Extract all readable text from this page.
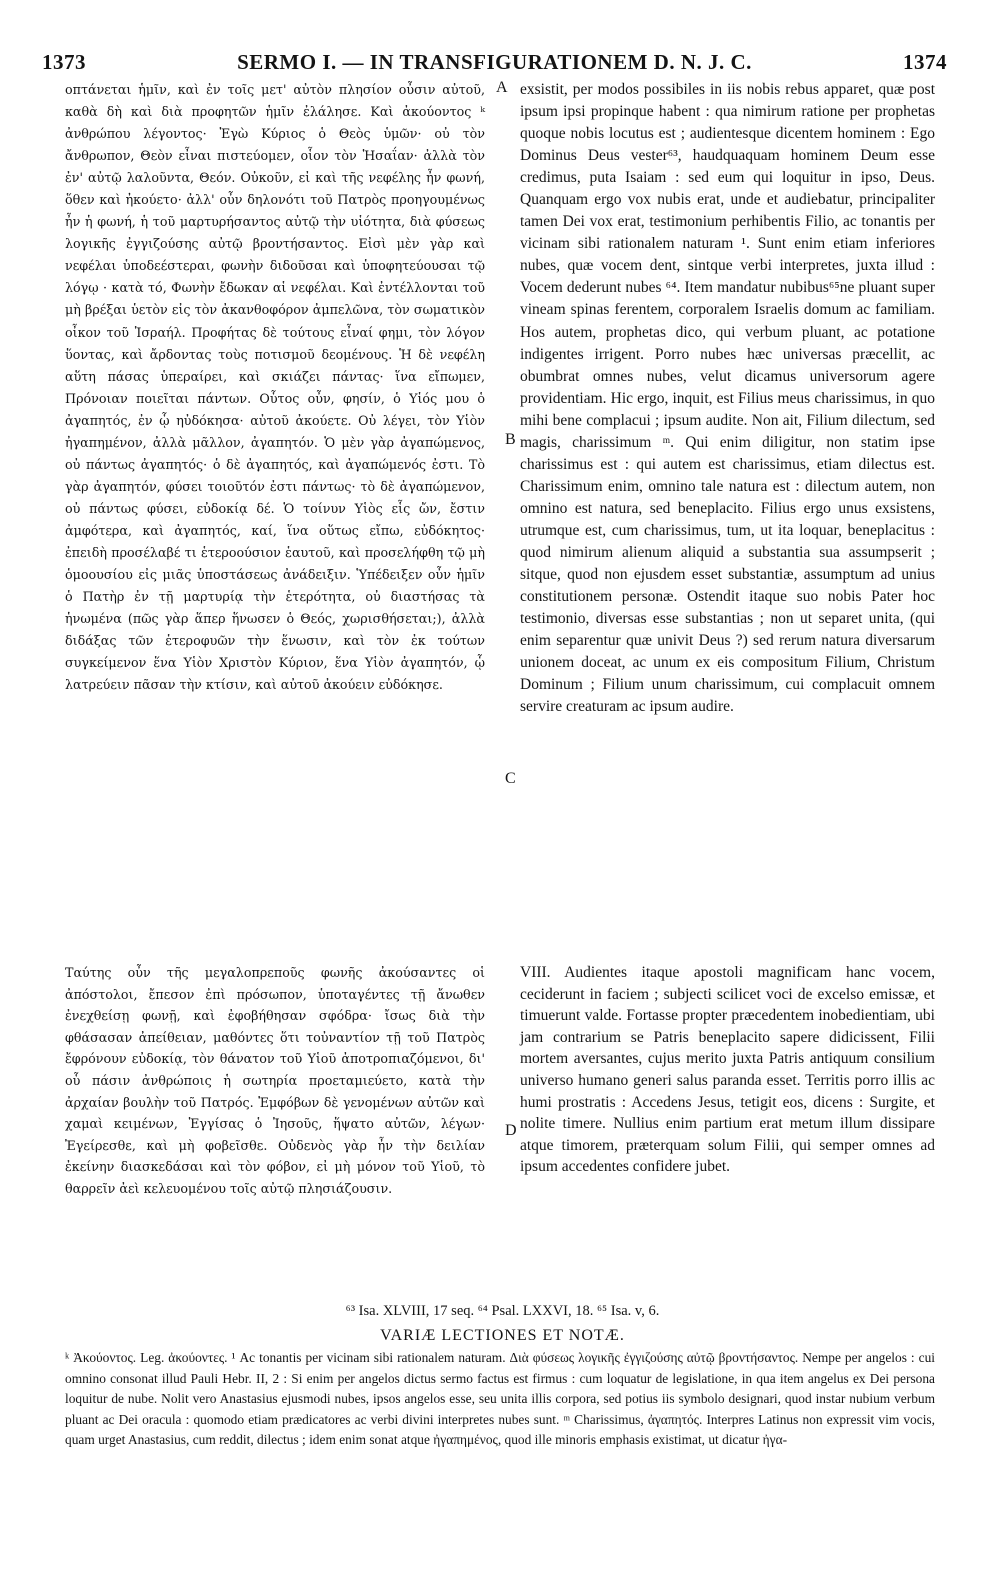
1373	SERMO I. — IN TRANSFIGURATIONEM D. N. J. C.	1374

οπτάνεται ἡμῖν, καὶ ἐν τοῖς μετ' αὐτὸν πλησίον οὖσιν αὐτοῦ, καθὰ δὴ καὶ διὰ προφητῶν ἡμῖν ἐλάλησε. Καὶ ἀκούοντος ᵏ ἀνθρώπου λέγοντος· Ἐγὼ Κύριος ὁ Θεὸς ὑμῶν· οὐ τὸν ἄνθρωπον, Θεὸν εἶναι πιστεύομεν, οἷον τὸν Ἡσαΐαν· ἀλλὰ τὸν ἐν' αὐτῷ λαλοῦντα, Θεόν. Οὐκοῦν, εἰ καὶ τῆς νεφέλης ἦν φωνή, ὅθεν καὶ ἠκούετο· ἀλλ' οὖν δηλονότι τοῦ Πατρὸς προηγουμένως ἦν ἡ φωνή, ἡ τοῦ μαρτυρήσαντος αὐτῷ τὴν υἱότητα, διὰ φύσεως λογικῆς ἐγγιζούσης αὐτῷ βροντήσαντος. Εἰσὶ μὲν γὰρ καὶ νεφέλαι ὑποδεέστεραι, φωνὴν διδοῦσαι καὶ ὑποφητεύουσαι τῷ λόγῳ · κατὰ τό, Φωνὴν ἔδωκαν αἱ νεφέλαι. Καὶ ἐντέλλονται τοῦ μὴ βρέξαι ὑετὸν εἰς τὸν ἀκανθοφόρον ἀμπελῶνα, τὸν σωματικὸν οἶκον τοῦ Ἰσραήλ. Προφήτας δὲ τούτους εἶναί φημι, τὸν λόγον ὕοντας, καὶ ἄρδοντας τοὺς ποτισμοῦ δεομένους. Ἡ δὲ νεφέλη αὕτη πάσας ὑπεραίρει, καὶ σκιάζει πάντας· ἵνα εἴπωμεν, Πρόνοιαν ποιεῖται πάντων. Οὗτος οὖν, φησίν, ὁ Υἱός μου ὁ ἀγαπητός, ἐν ᾧ ηὐδόκησα· αὐτοῦ ἀκούετε. Οὐ λέγει, τὸν Υἱὸν ἠγαπημένον, ἀλλὰ μᾶλλον, ἀγαπητόν. Ὁ μὲν γὰρ ἀγαπώμενος, οὐ πάντως ἀγαπητός· ὁ δὲ ἀγαπητός, καὶ ἀγαπώμενός ἐστι. Τὸ γὰρ ἀγαπητόν, φύσει τοιοῦτόν ἐστι πάντως· τὸ δὲ ἀγαπώμενον, οὐ πάντως φύσει, εὐδοκίᾳ δέ. Ὁ τοίνυν Υἱὸς εἷς ὤν, ἔστιν ἀμφότερα, καὶ ἀγαπητός, καί, ἵνα οὕτως εἴπω, εὐδόκητος· ἐπειδὴ προσέλαβέ τι ἑτεροούσιον ἑαυτοῦ, καὶ προσελήφθη τῷ μὴ ὁμοουσίου εἰς μιᾶς ὑποστάσεως ἀνάδειξιν. Ὑπέδειξεν οὖν ἡμῖν ὁ Πατὴρ ἐν τῇ μαρτυρίᾳ τὴν ἑτερότητα, οὐ διαστήσας τὰ ἡνωμένα (πῶς γὰρ ἅπερ ἥνωσεν ὁ Θεός, χωρισθήσεται;), ἀλλὰ διδάξας τῶν ἑτεροφυῶν τὴν ἕνωσιν, καὶ τὸν ἐκ τούτων συγκείμενον ἕνα Υἱὸν Χριστὸν Κύριον, ἕνα Υἱὸν ἀγαπητόν, ᾧ λατρεύειν πᾶσαν τὴν κτίσιν, καὶ αὐτοῦ ἀκούειν εὐδόκησε.

Ταύτης οὖν τῆς μεγαλοπρεποῦς φωνῆς ἀκούσαντες οἱ ἀπόστολοι, ἔπεσον ἐπὶ πρόσωπον, ὑποταγέντες τῇ ἄνωθεν ἐνεχθείσῃ φωνῇ, καὶ ἐφοβήθησαν σφόδρα· ἴσως διὰ τὴν φθάσασαν ἀπείθειαν, μαθόντες ὅτι τοὐναντίον τῇ τοῦ Πατρὸς ἔφρόνουν εὐδοκίᾳ, τὸν θάνατον τοῦ Υἱοῦ ἀποτροπιαζόμενοι, δι' οὗ πάσιν ἀνθρώποις ἡ σωτηρία προεταμιεύετο, κατὰ τὴν ἀρχαίαν βουλὴν τοῦ Πατρός. Ἐμφόβων δὲ γενομένων αὐτῶν καὶ χαμαὶ κειμένων, Ἐγγίσας ὁ Ἰησοῦς, ἥψατο αὐτῶν, λέγων· Ἐγείρεσθε, καὶ μὴ φοβεῖσθε. Οὐδενὸς γὰρ ἦν τὴν δειλίαν ἐκείνην διασκεδάσαι καὶ τὸν φόβον, εἰ μὴ μόνον τοῦ Υἱοῦ, τὸ θαρρεῖν ἀεὶ κελευομένου τοῖς αὐτῷ πλησιάζουσιν.

exsistit, per modos possibiles in iis nobis rebus apparet, quæ post ipsum ipsi propinque habent : qua nimirum ratione per prophetas quoque nobis locutus est ; audientesque dicentem hominem : Ego Dominus Deus vester⁶³, haudquaquam hominem Deum esse credimus, puta Isaiam : sed eum qui loquitur in ipso, Deus. Quanquam ergo vox nubis erat, unde et audiebatur, principaliter tamen Dei vox erat, testimonium perhibentis Filio, ac tonantis per vicinam sibi rationalem naturam ¹. Sunt enim etiam inferiores nubes, quæ vocem dent, sintque verbi interpretes, juxta illud : Vocem dederunt nubes ⁶⁴. Item mandatur nubibus⁶⁵ne pluant super vineam spinas ferentem, corporalem Israelis domum ac familiam. Hos autem, prophetas dico, qui verbum pluant, ac potatione indigentes irrigent. Porro nubes hæc universas præcellit, ac obumbrat omnes nubes, velut dicamus universorum agere providentiam. Hic ergo, inquit, est Filius meus charissimus, in quo mihi bene complacui ; ipsum audite. Non ait, Filium dilectum, sed magis, charissimum ᵐ. Qui enim diligitur, non statim ipse charissimus est : qui autem est charissimus, etiam dilectus est. Charissimum enim, omnino tale natura est : dilectum autem, non omnino est natura, sed beneplacito. Filius ergo unus exsistens, utrumque est, cum charissimus, tum, ut ita loquar, beneplacitus : quod nimirum alienum aliquid a substantia sua assumpserit ; sitque, quod non ejusdem esset substantiæ, assumptum ad unius constitutionem personæ. Ostendit itaque suo nobis Pater hoc testimonio, diversas esse substantias ; non ut separet unita, (qui enim separentur quæ univit Deus ?) sed rerum natura diversarum unionem doceat, ac unum ex eis compositum Filium, Christum Dominum ; Filium unum charissimum, cui complacuit omnem servire creaturam ac ipsum audire.

VIII. Audientes itaque apostoli magnificam hanc vocem, ceciderunt in faciem ; subjecti scilicet voci de excelso emissæ, et timuerunt valde. Fortasse propter præcedentem inobedientiam, ubi jam contrarium se Patris beneplacito sapere didicissent, Filii mortem aversantes, cujus merito juxta Patris antiquum consilium universo humano generi salus paranda esset. Territis porro illis ac humi prostratis : Accedens Jesus, tetigit eos, dicens : Surgite, et nolite timere. Nullius enim partium erat metum illum dissipare atque timorem, præterquam solum Filii, qui semper omnes ad ipsum accedentes confidere jubet.

A
B
C
D
⁶³ Isa. XLVIII, 17 seq. ⁶⁴ Psal. LXXVI, 18. ⁶⁵ Isa. v, 6.
VARIÆ LECTIONES ET NOTÆ.

ᵏ Ἀκούοντος. Leg. ἀκούοντες. ¹ Ac tonantis per vicinam sibi rationalem naturam. Διὰ φύσεως λογικῆς ἐγγιζούσης αὐτῷ βροντήσαντος. Nempe per angelos : cui omnino consonat illud Pauli Hebr. II, 2 : Si enim per angelos dictus sermo factus est firmus : cum loquatur de legislatione, in qua item angelus ex Dei persona loquitur de nube. Nolit vero Anastasius ejusmodi nubes, ipsos angelos esse, seu unita illis corpora, sed potius iis symbolo designari, quod instar nubium verbum pluant ac Dei oracula : quomodo etiam prædicatores ac verbi divini interpretes nubes sunt. ᵐ Charissimus, ἀγαπητός. Interpres Latinus non expressit vim vocis, quam urget Anastasius, cum reddit, dilectus ; idem enim sonat atque ἠγαπημένος, quod ille minoris emphasis existimat, ut dicatur ἠγα-
